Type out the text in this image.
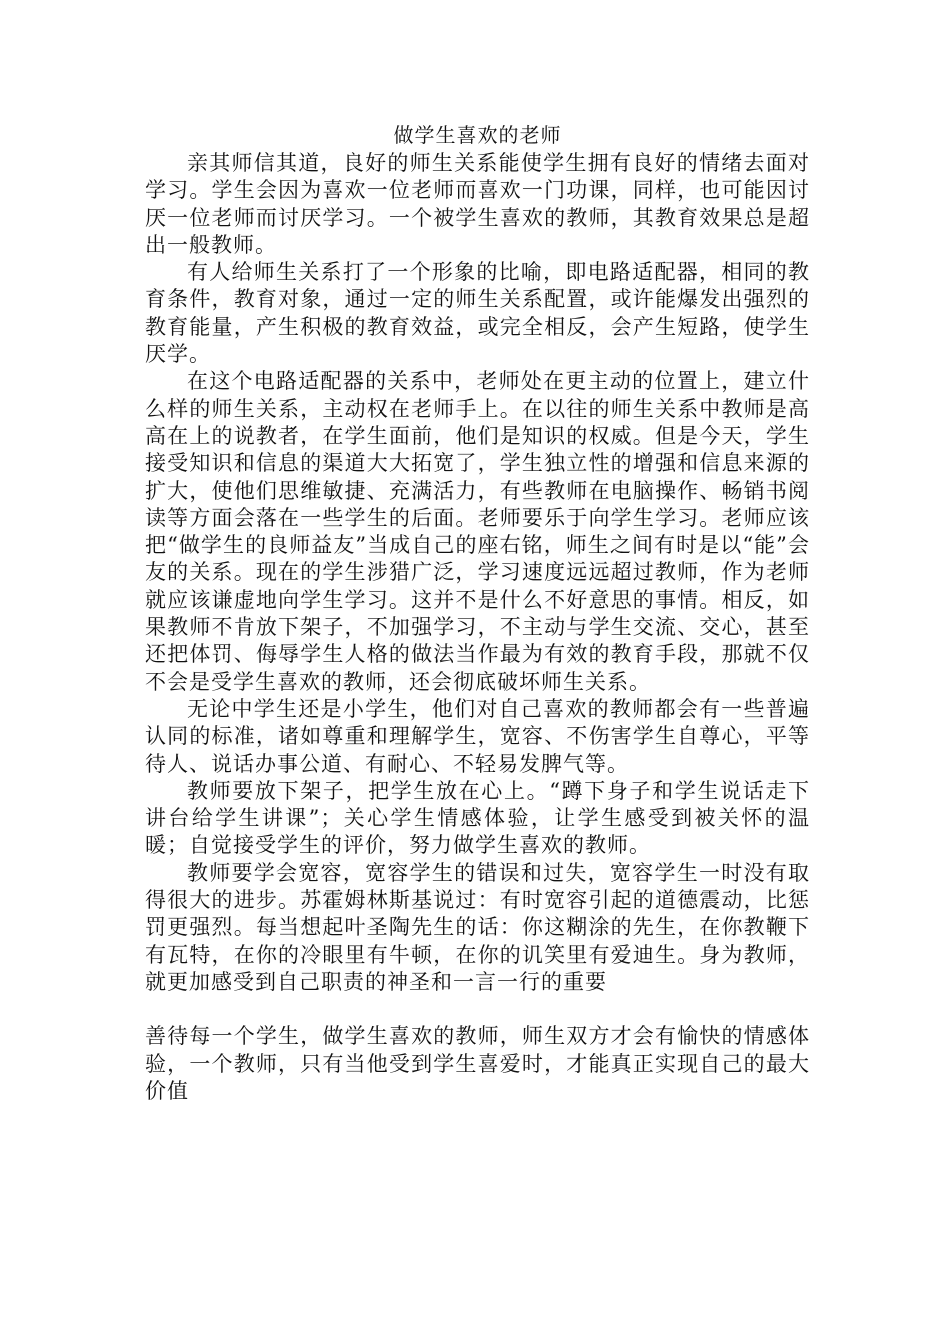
做学生喜欢的老师

亲其师信其道，良好的师生关系能使学生拥有良好的情绪去面对学习。学生会因为喜欢一位老师而喜欢一门功课，同样，也可能因讨厌一位老师而讨厌学习。一个被学生喜欢的教师，其教育效果总是超出一般教师。

有人给师生关系打了一个形象的比喻，即电路适配器，相同的教育条件，教育对象，通过一定的师生关系配置，或许能爆发出强烈的教育能量，产生积极的教育效益，或完全相反，会产生短路，使学生厌学。

在这个电路适配器的关系中，老师处在更主动的位置上，建立什么样的师生关系，主动权在老师手上。在以往的师生关系中教师是高高在上的说教者，在学生面前，他们是知识的权威。但是今天，学生接受知识和信息的渠道大大拓宽了，学生独立性的增强和信息来源的扩大，使他们思维敏捷、充满活力，有些教师在电脑操作、畅销书阅读等方面会落在一些学生的后面。老师要乐于向学生学习。老师应该把“做学生的良师益友”当成自己的座右铭，师生之间有时是以“能”会友的关系。现在的学生涉猎广泛，学习速度远远超过教师，作为老师就应该谦虚地向学生学习。这并不是什么不好意思的事情。相反，如果教师不肯放下架子，不加强学习，不主动与学生交流、交心，甚至还把体罚、侮辱学生人格的做法当作最为有效的教育手段，那就不仅不会是受学生喜欢的教师，还会彻底破坏师生关系。

无论中学生还是小学生，他们对自己喜欢的教师都会有一些普遍认同的标准，诸如尊重和理解学生，宽容、不伤害学生自尊心，平等待人、说话办事公道、有耐心、不轻易发脾气等。

教师要放下架子，把学生放在心上。“蹲下身子和学生说话走下讲台给学生讲课”；关心学生情感体验，让学生感受到被关怀的温暖；自觉接受学生的评价，努力做学生喜欢的教师。

教师要学会宽容，宽容学生的错误和过失，宽容学生一时没有取得很大的进步。苏霍姆林斯基说过：有时宽容引起的道德震动，比惩罚更强烈。每当想起叶圣陶先生的话：你这糊涂的先生，在你教鞭下有瓦特，在你的冷眼里有牛顿，在你的讥笑里有爱迪生。身为教师，就更加感受到自己职责的神圣和一言一行的重要

善待每一个学生，做学生喜欢的教师，师生双方才会有愉快的情感体验，一个教师，只有当他受到学生喜爱时，才能真正实现自己的最大价值
